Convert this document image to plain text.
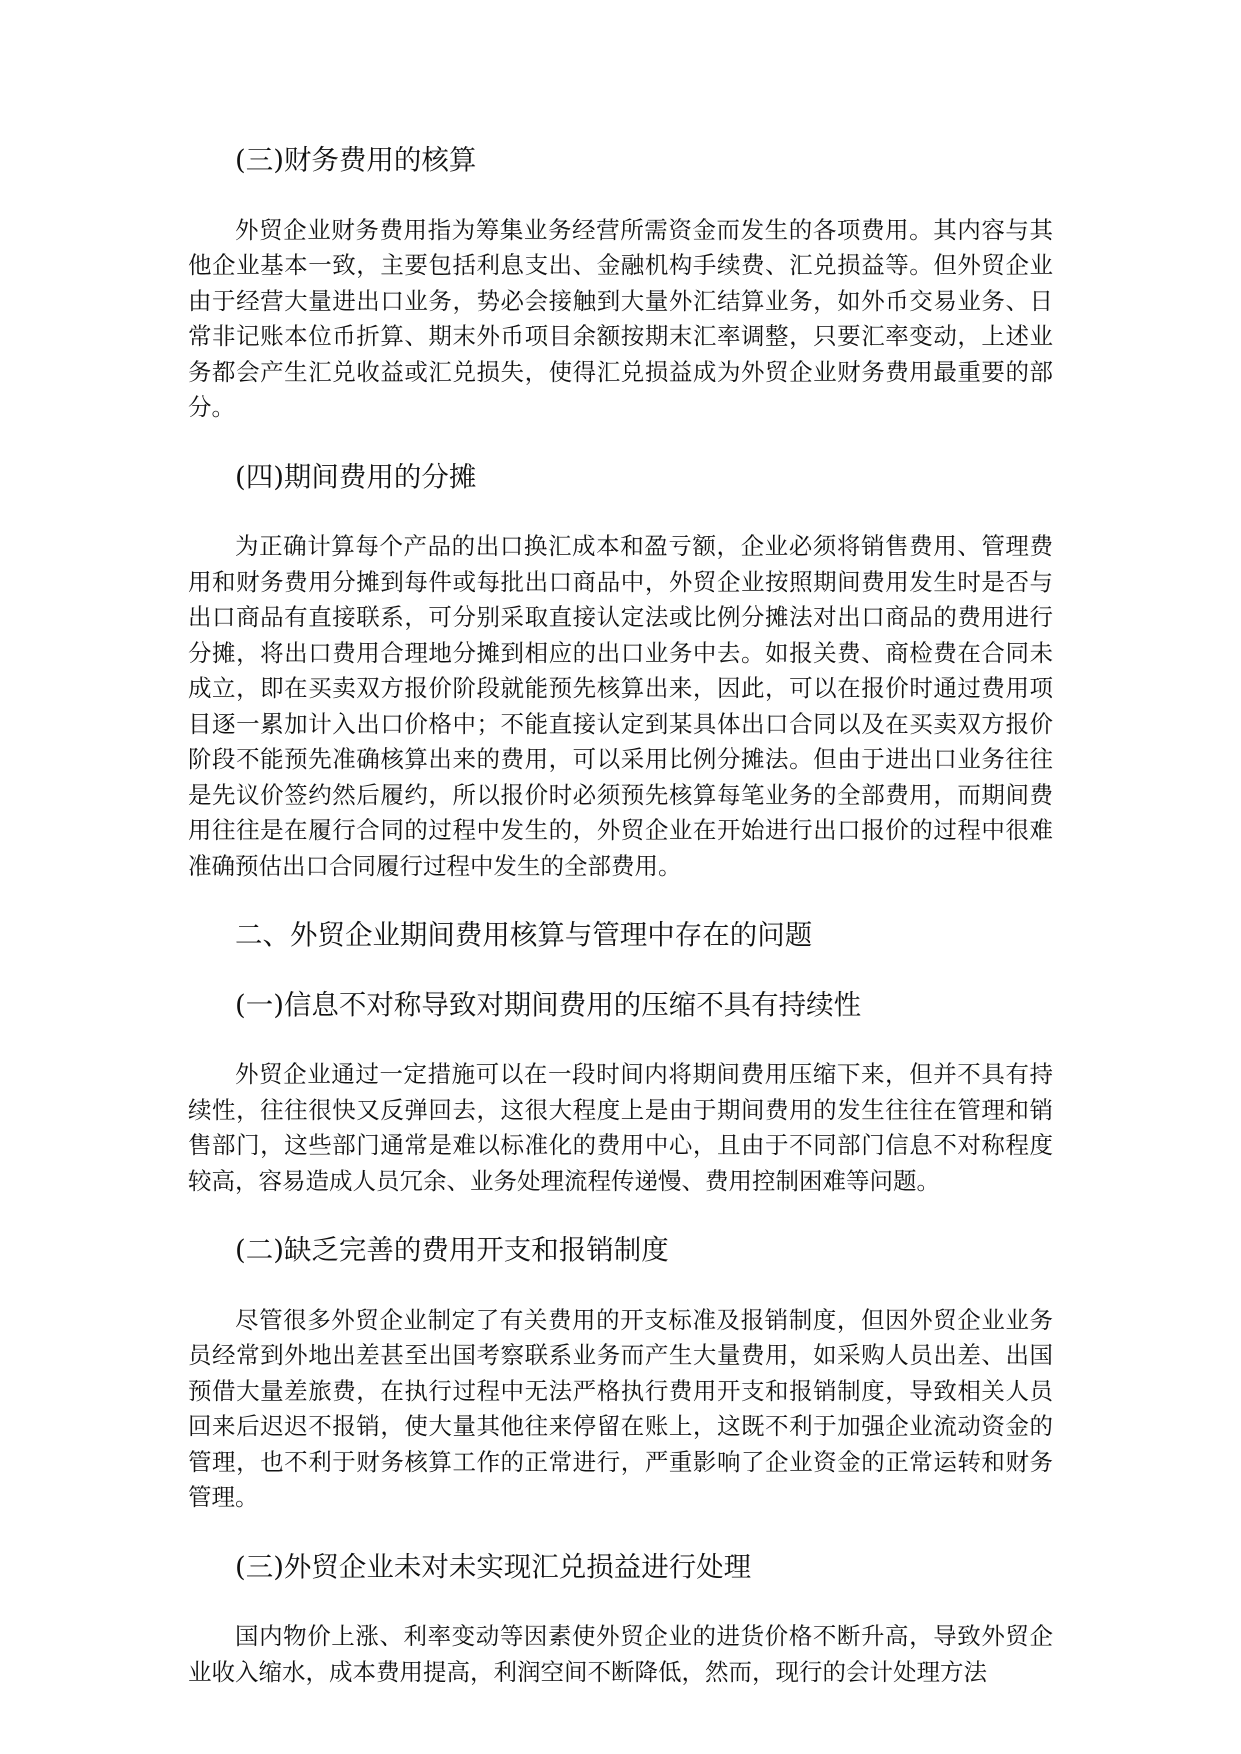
(三)财务费用的核算

外贸企业财务费用指为筹集业务经营所需资金而发生的各项费用。其内容与其他企业基本一致，主要包括利息支出、金融机构手续费、汇兑损益等。但外贸企业由于经营大量进出口业务，势必会接触到大量外汇结算业务，如外币交易业务、日常非记账本位币折算、期末外币项目余额按期末汇率调整，只要汇率变动，上述业务都会产生汇兑收益或汇兑损失，使得汇兑损益成为外贸企业财务费用最重要的部分。

(四)期间费用的分摊

为正确计算每个产品的出口换汇成本和盈亏额，企业必须将销售费用、管理费用和财务费用分摊到每件或每批出口商品中，外贸企业按照期间费用发生时是否与出口商品有直接联系，可分别采取直接认定法或比例分摊法对出口商品的费用进行分摊，将出口费用合理地分摊到相应的出口业务中去。如报关费、商检费在合同未成立，即在买卖双方报价阶段就能预先核算出来，因此，可以在报价时通过费用项目逐一累加计入出口价格中；不能直接认定到某具体出口合同以及在买卖双方报价阶段不能预先准确核算出来的费用，可以采用比例分摊法。但由于进出口业务往往是先议价签约然后履约，所以报价时必须预先核算每笔业务的全部费用，而期间费用往往是在履行合同的过程中发生的，外贸企业在开始进行出口报价的过程中很难准确预估出口合同履行过程中发生的全部费用。

二、外贸企业期间费用核算与管理中存在的问题
(一)信息不对称导致对期间费用的压缩不具有持续性

外贸企业通过一定措施可以在一段时间内将期间费用压缩下来，但并不具有持续性，往往很快又反弹回去，这很大程度上是由于期间费用的发生往往在管理和销售部门，这些部门通常是难以标准化的费用中心，且由于不同部门信息不对称程度较高，容易造成人员冗余、业务处理流程传递慢、费用控制困难等问题。

(二)缺乏完善的费用开支和报销制度

尽管很多外贸企业制定了有关费用的开支标准及报销制度，但因外贸企业业务员经常到外地出差甚至出国考察联系业务而产生大量费用，如采购人员出差、出国预借大量差旅费，在执行过程中无法严格执行费用开支和报销制度，导致相关人员回来后迟迟不报销，使大量其他往来停留在账上，这既不利于加强企业流动资金的管理，也不利于财务核算工作的正常进行，严重影响了企业资金的正常运转和财务管理。

(三)外贸企业未对未实现汇兑损益进行处理

国内物价上涨、利率变动等因素使外贸企业的进货价格不断升高，导致外贸企业收入缩水，成本费用提高，利润空间不断降低，然而，现行的会计处理方法
